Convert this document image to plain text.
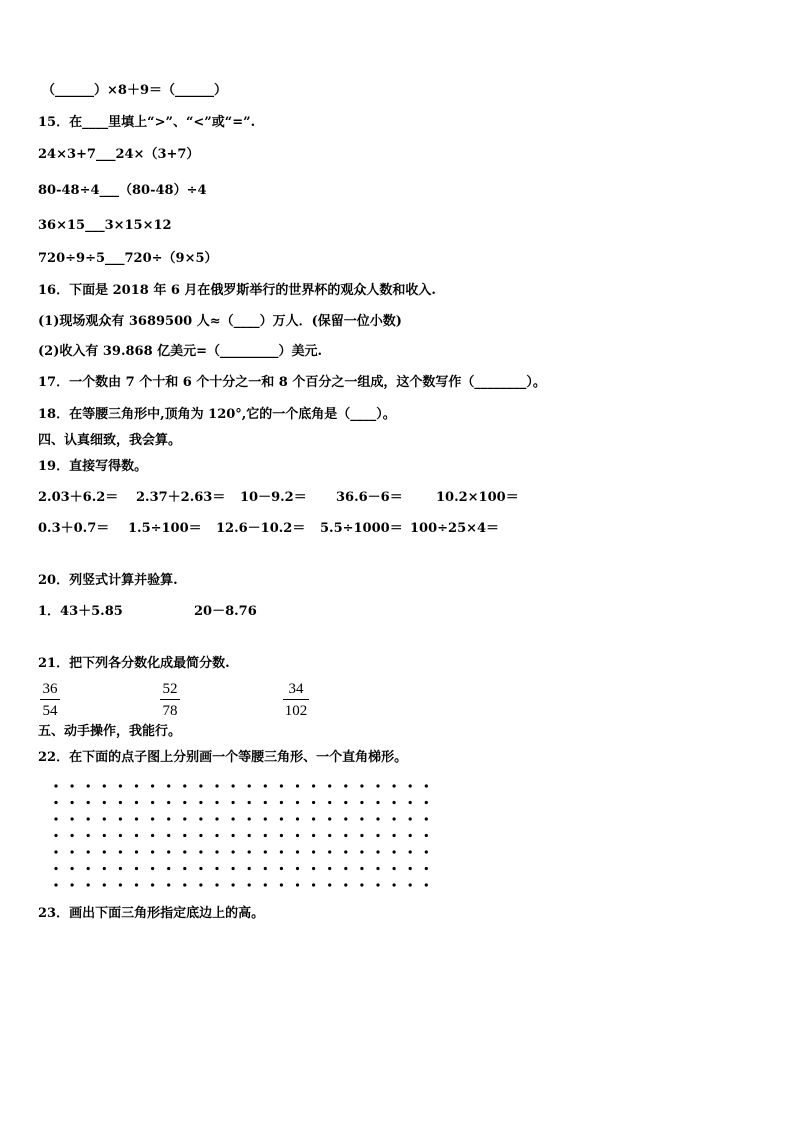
（______）×8＋9＝（______）
15．在____里填上“>”、“<”或“=”.
24×3+7___24×（3+7）
80-48÷4___（80-48）÷4
36×15___3×15×12
720÷9÷5___720÷（9×5）
16．下面是 2018 年 6 月在俄罗斯举行的世界杯的观众人数和收入.
(1)现场观众有 3689500 人≈（____）万人．(保留一位小数)
(2)收入有 39.868 亿美元=（_________）美元.
17．一个数由 7 个十和 6 个十分之一和 8 个百分之一组成，这个数写作（________）。
18．在等腰三角形中,顶角为 120°,它的一个底角是（____）。
四、认真细致，我会算。
19．直接写得数。
2.03＋6.2＝ 2.37＋2.63＝ 10－9.2＝ 36.6－6＝	10.2×100＝
0.3＋0.7＝ 1.5÷100＝ 12.6－10.2＝ 5.5÷1000＝ 100÷25×4＝
20．列竖式计算并验算.
1．43＋5.85	20－8.76
21．把下列各分数化成最简分数.
36
54
52
78
34
102
五、动手操作，我能行。
22．在下面的点子图上分别画一个等腰三角形、一个直角梯形。
23．画出下面三角形指定底边上的高。
